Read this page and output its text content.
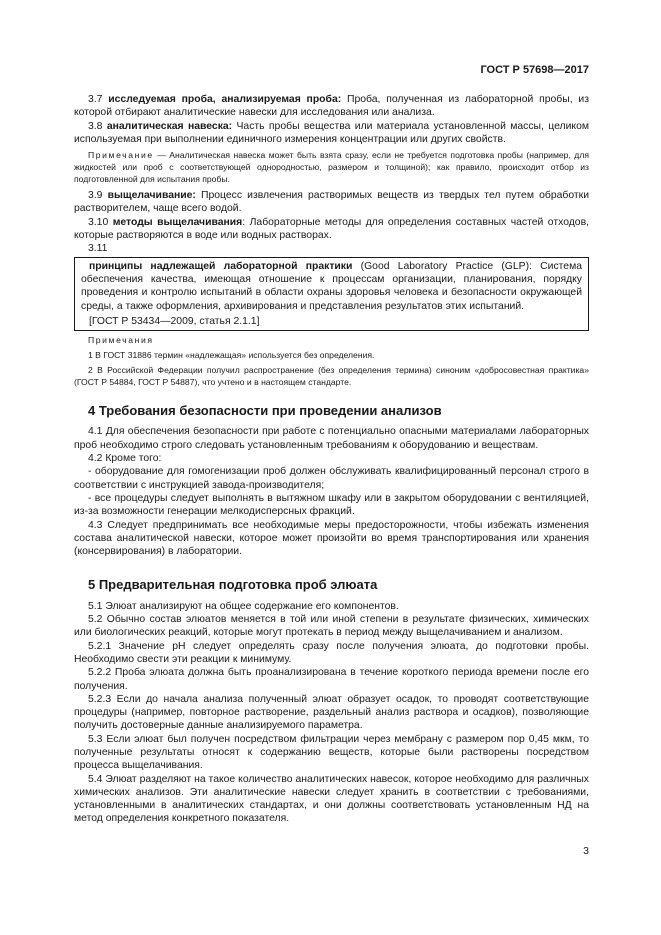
ГОСТ Р 57698—2017

3.7 исследуемая проба, анализируемая проба: Проба, полученная из лабораторной пробы, из которой отбирают аналитические навески для исследования или анализа.

3.8 аналитическая навеска: Часть пробы вещества или материала установленной массы, целиком используемая при выполнении единичного измерения концентрации или других свойств.

Примечание — Аналитическая навеска может быть взята сразу, если не требуется подготовка пробы (например, для жидкостей или проб с соответствующей однородностью, размером и толщиной); как правило, происходит отбор из подготовленной для испытания пробы.

3.9 выщелачивание: Процесс извлечения растворимых веществ из твердых тел путем обработки растворителем, чаще всего водой.

3.10 методы выщелачивания: Лабораторные методы для определения составных частей отходов, которые растворяются в воде или водных растворах.

3.11

принципы надлежащей лабораторной практики (Good Laboratory Practice (GLP): Система обеспечения качества, имеющая отношение к процессам организации, планирования, порядку проведения и контролю испытаний в области охраны здоровья человека и безопасности окружающей среды, а также оформления, архивирования и представления результатов этих испытаний.

[ГОСТ Р 53434—2009, статья 2.1.1]

Примечания

1 В ГОСТ 31886 термин «надлежащая» используется без определения.

2 В Российской Федерации получил распространение (без определения термина) синоним «добросовестная практика» (ГОСТ Р 54884, ГОСТ Р 54887), что учтено и в настоящем стандарте.

4 Требования безопасности при проведении анализов

4.1 Для обеспечения безопасности при работе с потенциально опасными материалами лабораторных проб необходимо строго следовать установленным требованиям к оборудованию и веществам.

4.2 Кроме того:

- оборудование для гомогенизации проб должен обслуживать квалифицированный персонал строго в соответствии с инструкцией завода-производителя;

- все процедуры следует выполнять в вытяжном шкафу или в закрытом оборудовании с вентиляцией, из-за возможности генерации мелкодисперсных фракций.

4.3 Следует предпринимать все необходимые меры предосторожности, чтобы избежать изменения состава аналитической навески, которое может произойти во время транспортирования или хранения (консервирования) в лаборатории.

5 Предварительная подготовка проб элюата

5.1 Элюат анализируют на общее содержание его компонентов.

5.2 Обычно состав элюатов меняется в той или иной степени в результате физических, химических или биологических реакций, которые могут протекать в период между выщелачиванием и анализом.

5.2.1 Значение pH следует определять сразу после получения элюата, до подготовки пробы. Необходимо свести эти реакции к минимуму.

5.2.2 Проба элюата должна быть проанализирована в течение короткого периода времени после его получения.

5.2.3 Если до начала анализа полученный элюат образует осадок, то проводят соответствующие процедуры (например, повторное растворение, раздельный анализ раствора и осадков), позволяющие получить достоверные данные анализируемого параметра.

5.3 Если элюат был получен посредством фильтрации через мембрану с размером пор 0,45 мкм, то полученные результаты относят к содержанию веществ, которые были растворены посредством процесса выщелачивания.

5.4 Элюат разделяют на такое количество аналитических навесок, которое необходимо для различных химических анализов. Эти аналитические навески следует хранить в соответствии с требованиями, установленными в аналитических стандартах, и они должны соответствовать установленным НД на метод определения конкретного показателя.

3
